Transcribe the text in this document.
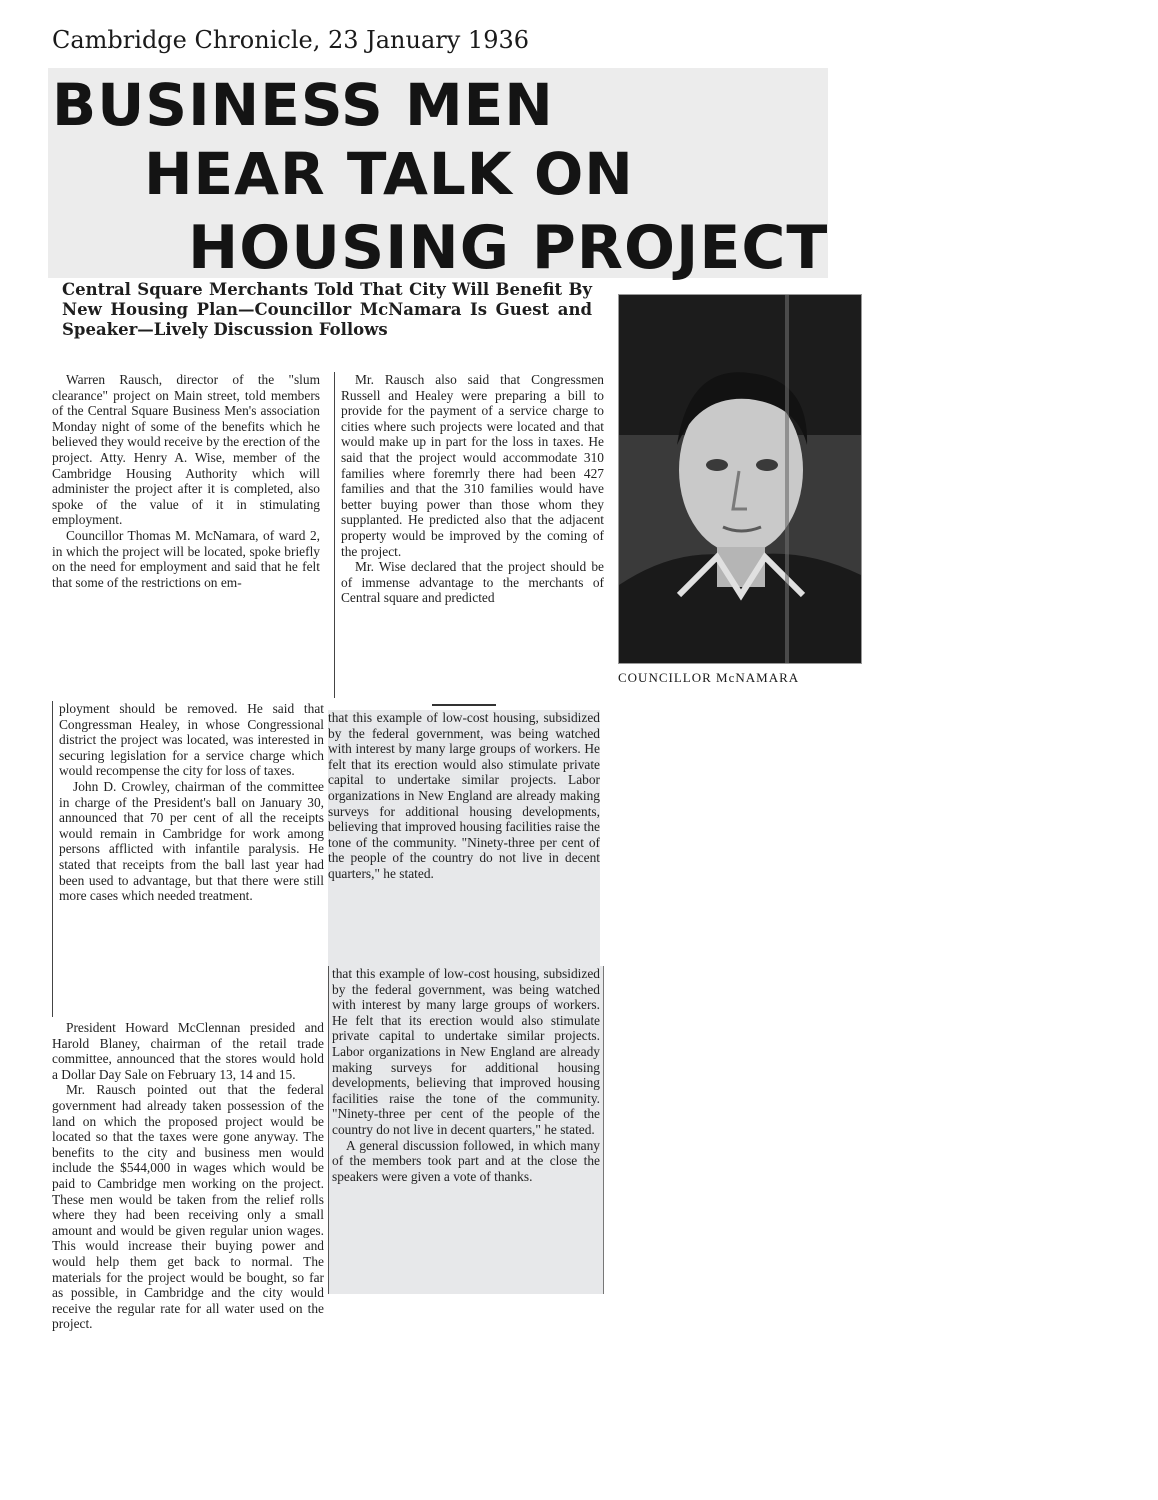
Cambridge Chronicle, 23 January 1936
BUSINESS MEN
HEAR TALK ON
HOUSING PROJECT
Central Square Merchants Told That City Will Benefit By New Housing Plan—Councillor McNamara Is Guest and Speaker—Lively Discussion Follows

Warren Rausch, director of the "slum clearance" project on Main street, told members of the Central Square Business Men's association Monday night of some of the benefits which he believed they would receive by the erection of the project. Atty. Henry A. Wise, member of the Cambridge Housing Authority which will administer the project after it is completed, also spoke of the value of it in stimulating employment.

Councillor Thomas M. McNamara, of ward 2, in which the project will be located, spoke briefly on the need for employment and said that he felt that some of the restrictions on em-

ployment should be removed. He said that Congressman Healey, in whose Congressional district the project was located, was interested in securing legislation for a service charge which would recompense the city for loss of taxes.

John D. Crowley, chairman of the committee in charge of the President's ball on January 30, announced that 70 per cent of all the receipts would remain in Cambridge for work among persons afflicted with infantile paralysis. He stated that receipts from the ball last year had been used to advantage, but that there were still more cases which needed treatment.

President Howard McClennan presided and Harold Blaney, chairman of the retail trade committee, announced that the stores would hold a Dollar Day Sale on February 13, 14 and 15.

Mr. Rausch pointed out that the federal government had already taken possession of the land on which the proposed project would be located so that the taxes were gone anyway. The benefits to the city and business men would include the $544,000 in wages which would be paid to Cambridge men working on the project. These men would be taken from the relief rolls where they had been receiving only a small amount and would be given regular union wages. This would increase their buying power and would help them get back to normal. The materials for the project would be bought, so far as possible, in Cambridge and the city would receive the regular rate for all water used on the project.

Mr. Rausch also said that Congressmen Russell and Healey were preparing a bill to provide for the payment of a service charge to cities where such projects were located and that would make up in part for the loss in taxes. He said that the project would accommodate 310 families where foremrly there had been 427 families and that the 310 families would have better buying power than those whom they supplanted. He predicted also that the adjacent property would be improved by the coming of the project.

Mr. Wise declared that the project should be of immense advantage to the merchants of Central square and predicted

that this example of low-cost housing, subsidized by the federal government, was being watched with interest by many large groups of workers. He felt that its erection would also stimulate private capital to undertake similar projects. Labor organizations in New England are already making surveys for additional housing developments, believing that improved housing facilities raise the tone of the community. "Ninety-three per cent of the people of the country do not live in decent quarters," he stated.

that this example of low-cost housing, subsidized by the federal government, was being watched with interest by many large groups of workers. He felt that its erection would also stimulate private capital to undertake similar projects. Labor organizations in New England are already making surveys for additional housing developments, believing that improved housing facilities raise the tone of the community. "Ninety-three per cent of the people of the country do not live in decent quarters," he stated.

A general discussion followed, in which many of the members took part and at the close the speakers were given a vote of thanks.

COUNCILLOR McNAMARA
